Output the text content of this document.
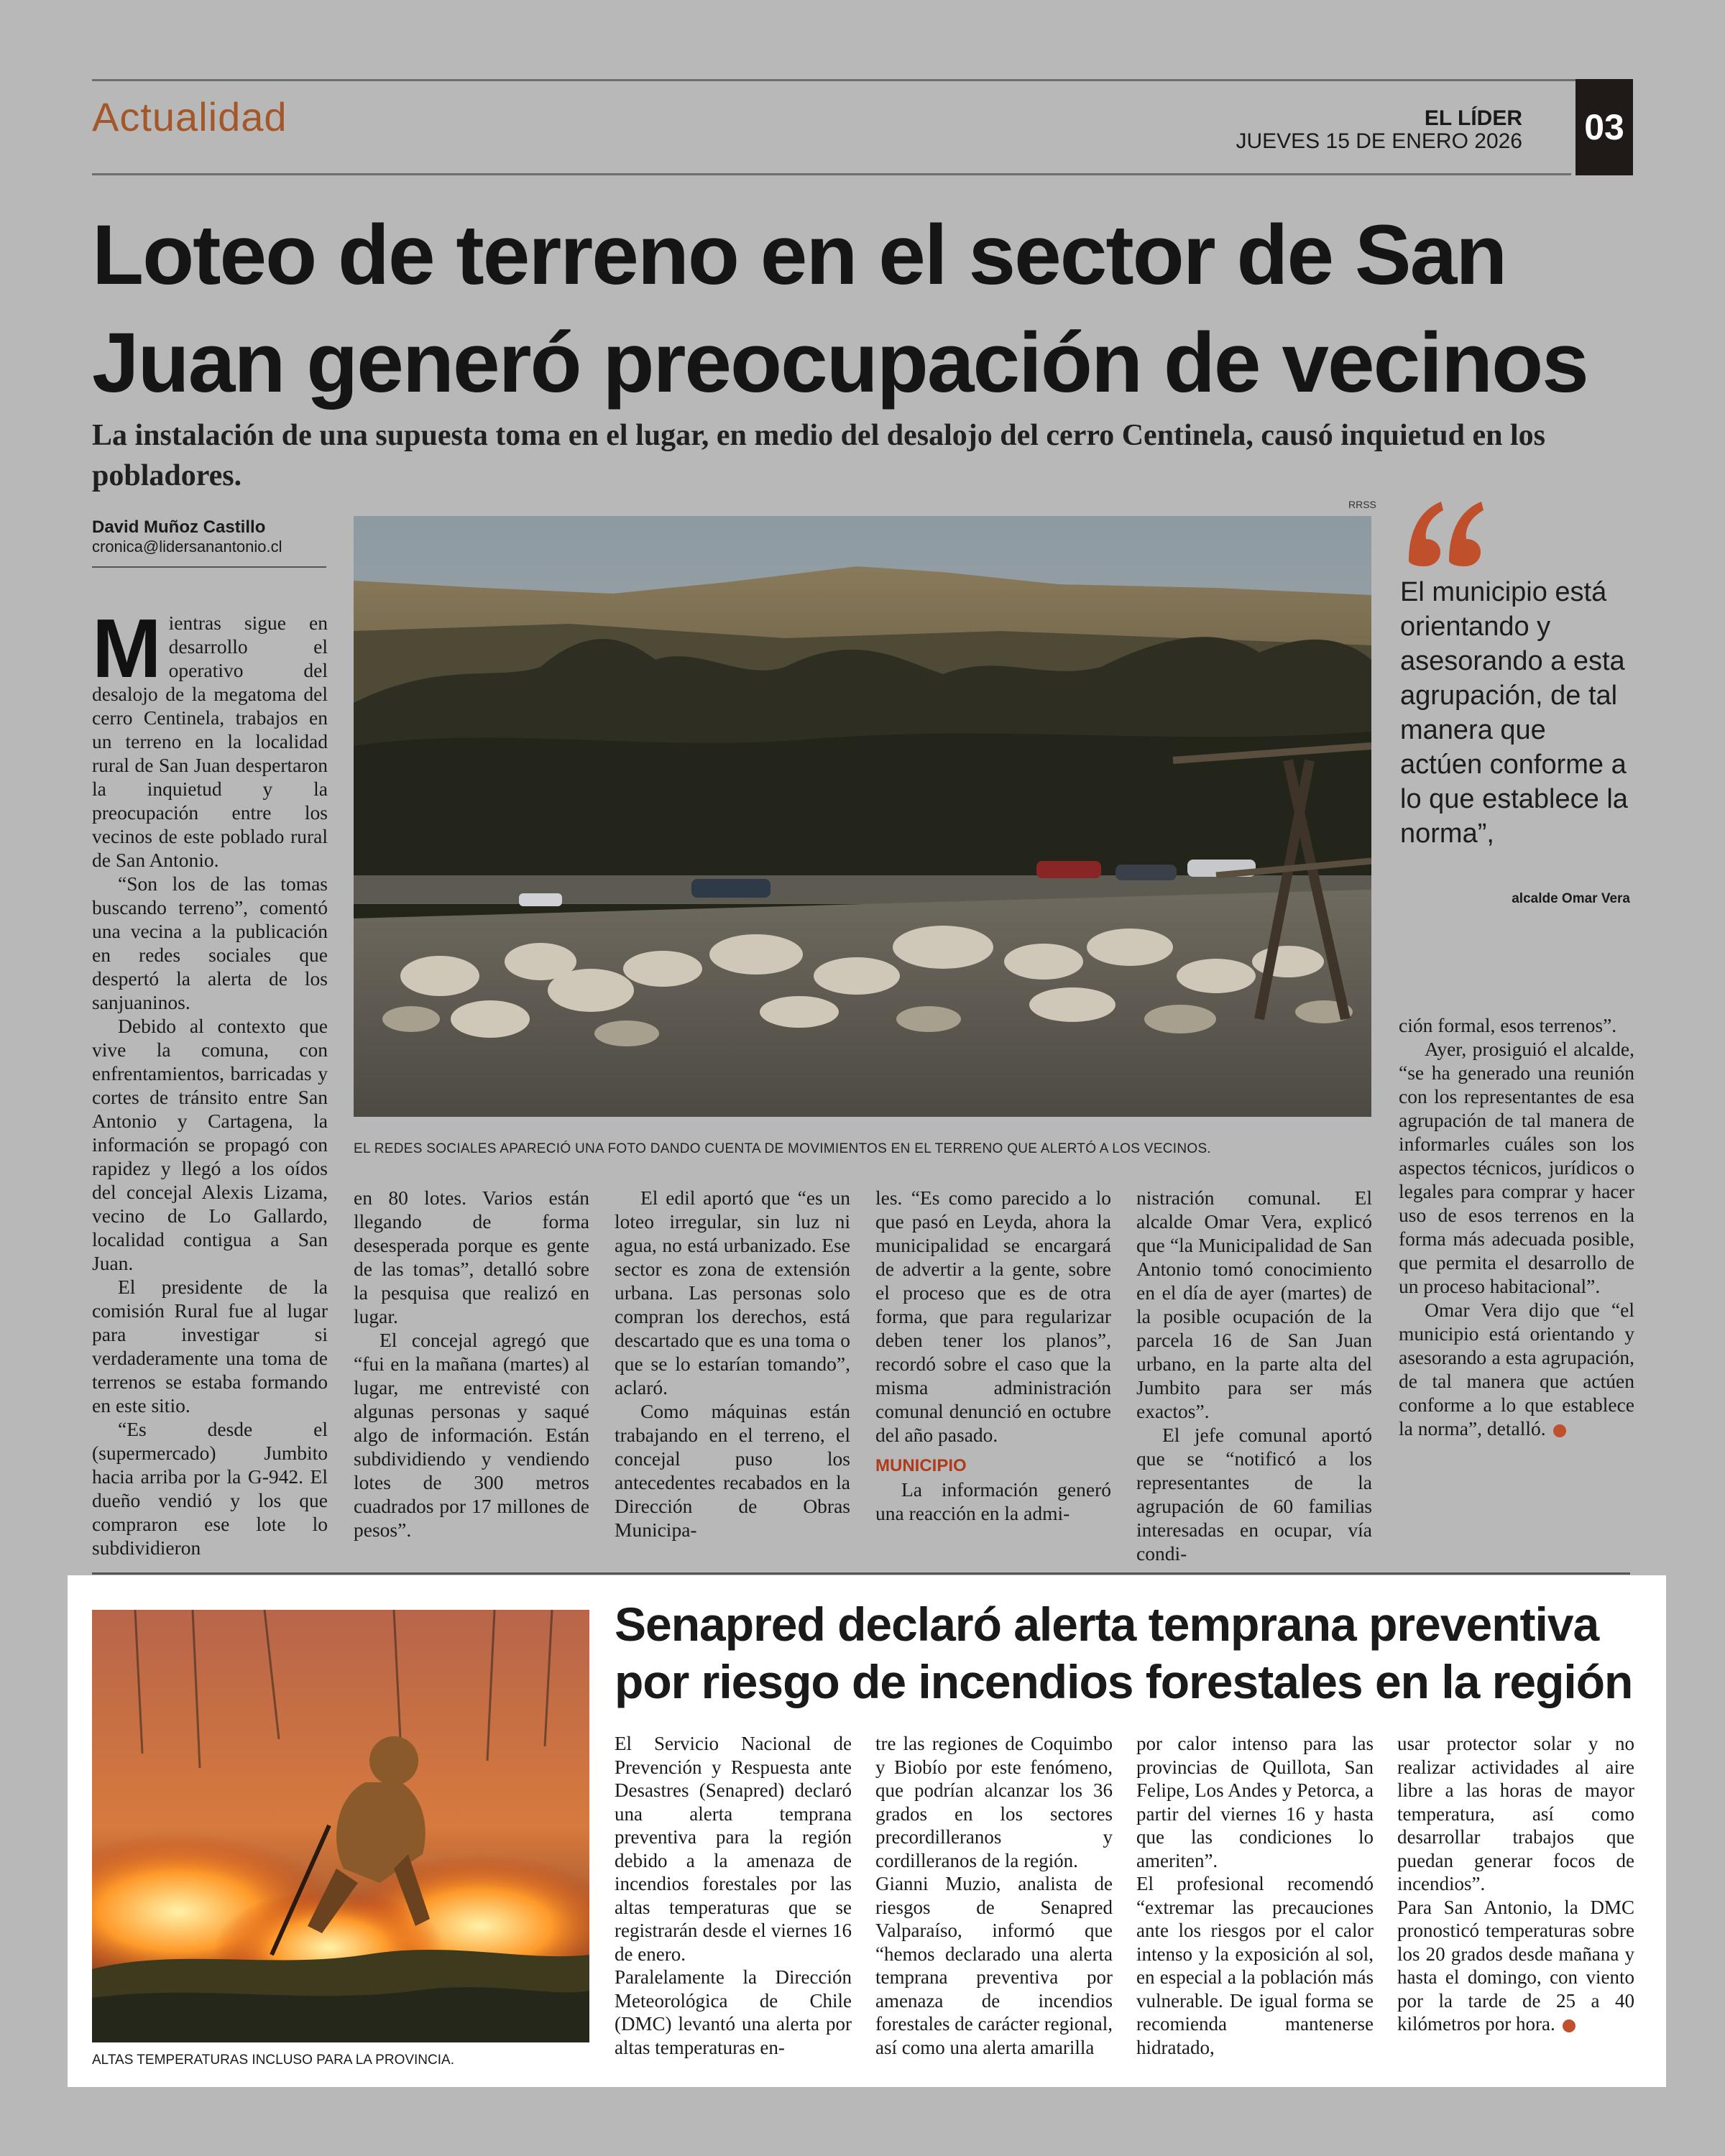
Actualidad	EL LÍDER
JUEVES 15 DE ENERO 2026 03
Loteo de terreno en el sector de San Juan generó preocupación de vecinos
La instalación de una supuesta toma en el lugar, en medio del desalojo del cerro Centinela, causó inquietud en los pobladores.
David Muñoz Castillo
cronica@lidersanantonio.cl

Mientras sigue en desarrollo el operativo del desalojo de la megatoma del cerro Centinela, trabajos en un terreno en la localidad rural de San Juan despertaron la inquietud y la preocupación entre los vecinos de este poblado rural de San Antonio.

“Son los de las tomas buscando terreno”, comentó una vecina a la publicación en redes sociales que despertó la alerta de los sanjuaninos.

Debido al contexto que vive la comuna, con enfrentamientos, barricadas y cortes de tránsito entre San Antonio y Cartagena, la información se propagó con rapidez y llegó a los oídos del concejal Alexis Lizama, vecino de Lo Gallardo, localidad contigua a San Juan.

El presidente de la comisión Rural fue al lugar para investigar si verdaderamente una toma de terrenos se estaba formando en este sitio.

“Es desde el (supermercado) Jumbito hacia arriba por la G-942. El dueño vendió y los que compraron ese lote lo subdividieron

RRSS
EL REDES SOCIALES APARECIÓ UNA FOTO DANDO CUENTA DE MOVIMIENTOS EN EL TERRENO QUE ALERTÓ A LOS VECINOS.
El municipio está orientando y asesorando a esta agrupación, de tal manera que actúen conforme a lo que establece la norma”,
alcalde Omar Vera

en 80 lotes. Varios están llegando de forma desesperada porque es gente de las tomas”, detalló sobre la pesquisa que realizó en lugar.

El concejal agregó que “fui en la mañana (martes) al lugar, me entrevisté con algunas personas y saqué algo de información. Están subdividiendo y vendiendo lotes de 300 metros cuadrados por 17 millones de pesos”.

El edil aportó que “es un loteo irregular, sin luz ni agua, no está urbanizado. Ese sector es zona de extensión urbana. Las personas solo compran los derechos, está descartado que es una toma o que se lo estarían tomando”, aclaró.

Como máquinas están trabajando en el terreno, el concejal puso los antecedentes recabados en la Dirección de Obras Municipa-

les. “Es como parecido a lo que pasó en Leyda, ahora la municipalidad se encargará de advertir a la gente, sobre el proceso que es de otra forma, que para regularizar deben tener los planos”, recordó sobre el caso que la misma administración comunal denunció en octubre del año pasado.

MUNICIPIO

La información generó una reacción en la admi-

nistración comunal. El alcalde Omar Vera, explicó que “la Municipalidad de San Antonio tomó conocimiento en el día de ayer (martes) de la posible ocupación de la parcela 16 de San Juan urbano, en la parte alta del Jumbito para ser más exactos”.

El jefe comunal aportó que se “notificó a los representantes de la agrupación de 60 familias interesadas en ocupar, vía condi-

ción formal, esos terrenos”.

Ayer, prosiguió el alcalde, “se ha generado una reunión con los representantes de esa agrupación de tal manera de informarles cuáles son los aspectos técnicos, jurídicos o legales para comprar y hacer uso de esos terrenos en la forma más adecuada posible, que permita el desarrollo de un proceso habitacional”.

Omar Vera dijo que “el municipio está orientando y asesorando a esta agrupación, de tal manera que actúen conforme a lo que establece la norma”, detalló.

ALTAS TEMPERATURAS INCLUSO PARA LA PROVINCIA.
Senapred declaró alerta temprana preventiva por riesgo de incendios forestales en la región

El Servicio Nacional de Prevención y Respuesta ante Desastres (Senapred) declaró una alerta temprana preventiva para la región debido a la amenaza de incendios forestales por las altas temperaturas que se registrarán desde el viernes 16 de enero.

Paralelamente la Dirección Meteorológica de Chile (DMC) levantó una alerta por altas temperaturas en-

tre las regiones de Coquimbo y Biobío por este fenómeno, que podrían alcanzar los 36 grados en los sectores precordilleranos y cordilleranos de la región.

Gianni Muzio, analista de riesgos de Senapred Valparaíso, informó que “hemos declarado una alerta temprana preventiva por amenaza de incendios forestales de carácter regional, así como una alerta amarilla

por calor intenso para las provincias de Quillota, San Felipe, Los Andes y Petorca, a partir del viernes 16 y hasta que las condiciones lo ameriten”.

El profesional recomendó “extremar las precauciones ante los riesgos por el calor intenso y la exposición al sol, en especial a la población más vulnerable. De igual forma se recomienda mantenerse hidratado,

usar protector solar y no realizar actividades al aire libre a las horas de mayor temperatura, así como desarrollar trabajos que puedan generar focos de incendios”.

Para San Antonio, la DMC pronosticó temperaturas sobre los 20 grados desde mañana y hasta el domingo, con viento por la tarde de 25 a 40 kilómetros por hora.
